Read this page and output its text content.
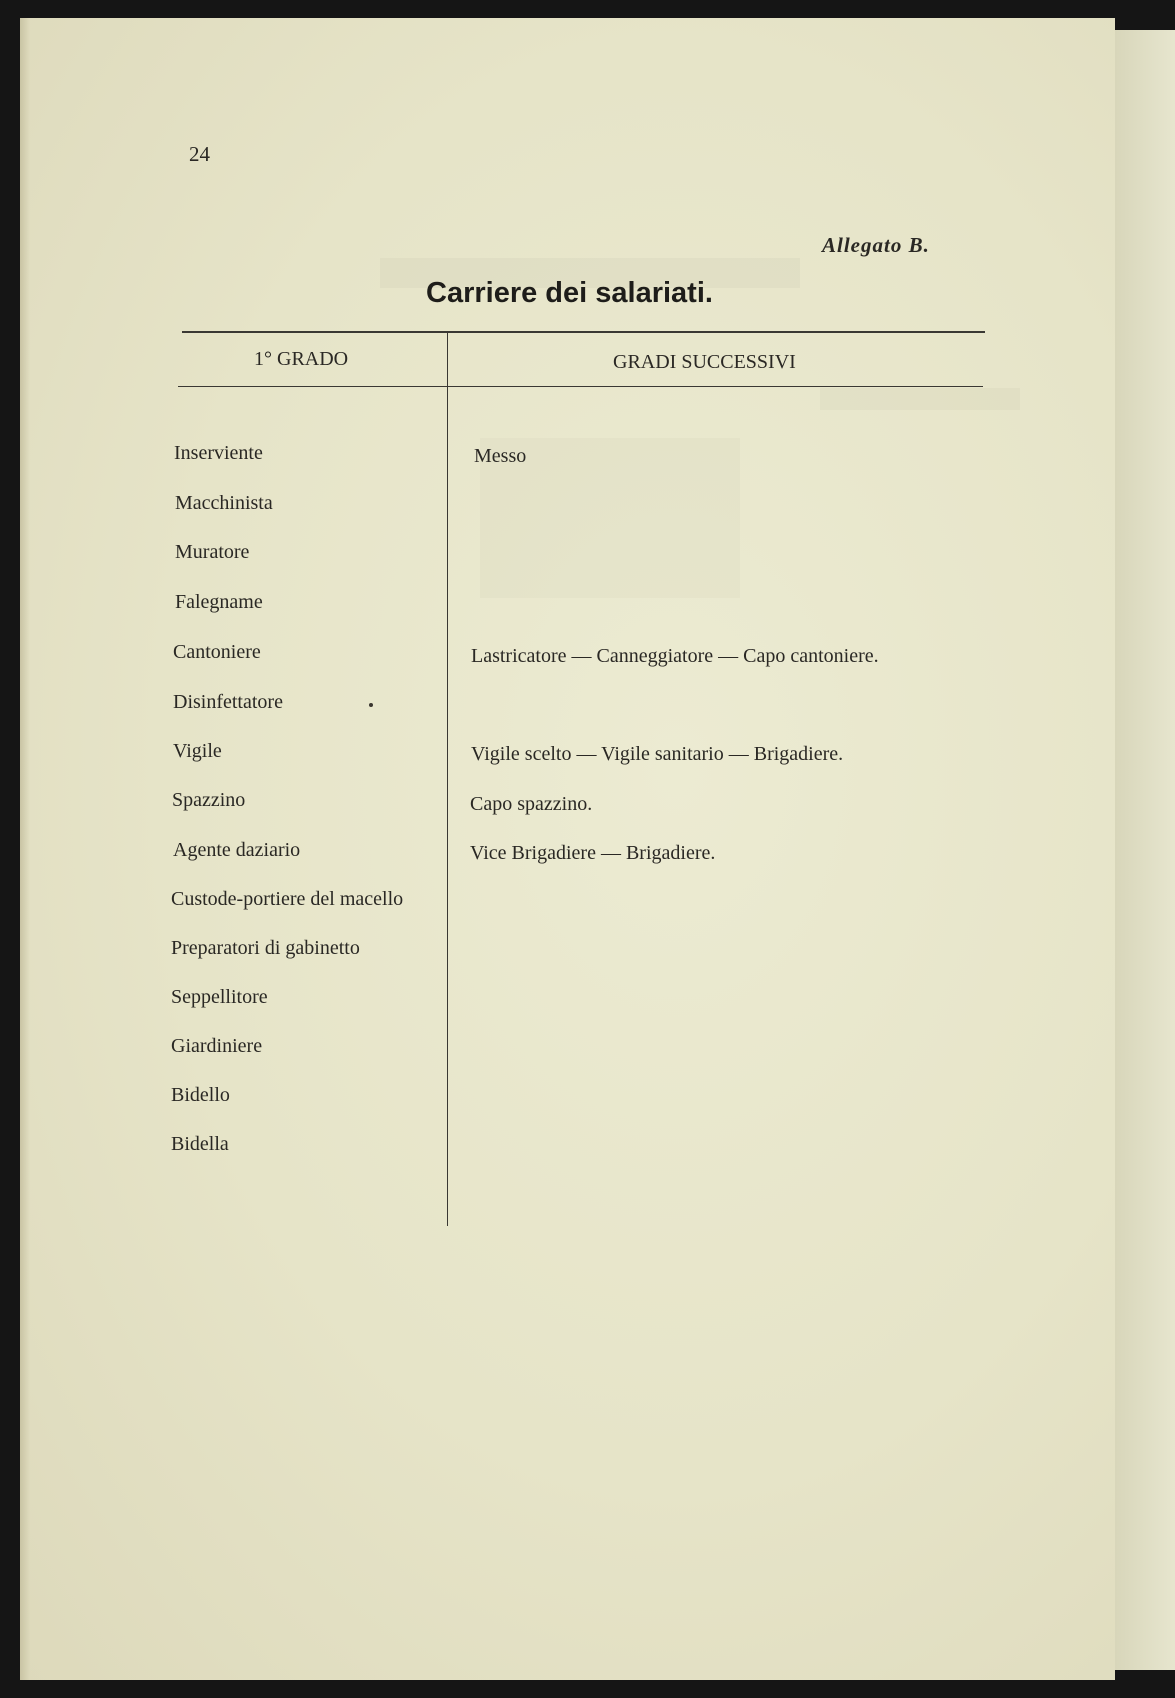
24
Allegato B.
Carriere dei salariati.
1° GRADO	GRADI SUCCESSIVI
Inserviente
Macchinista
Muratore
Falegname
Cantoniere
Disinfettatore
Vigile
Spazzino
Agente daziario
Custode-portiere del macello
Preparatori di gabinetto
Seppellitore
Giardiniere
Bidello
Bidella
Messo
Lastricatore — Canneggiatore — Capo cantoniere.
Vigile scelto — Vigile sanitario — Brigadiere.
Capo spazzino.
Vice Brigadiere — Brigadiere.
